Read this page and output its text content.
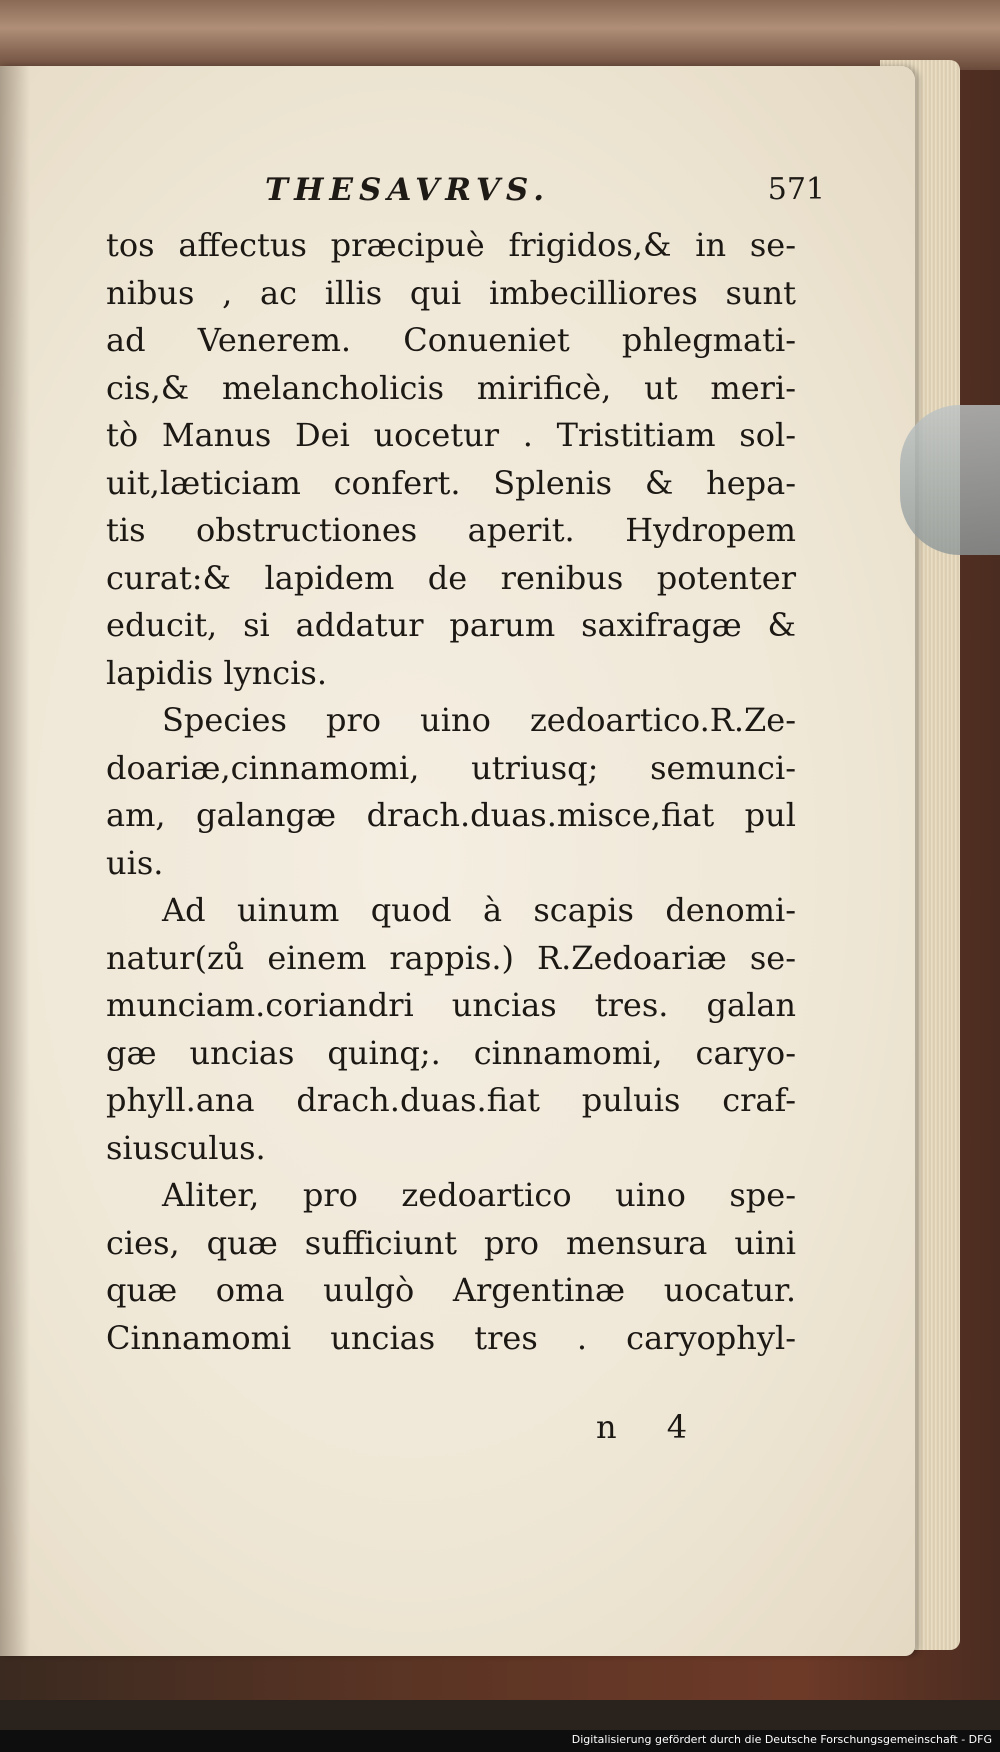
THESAVRVS.	571
tos affectus præcipuè frigidos,& in se-
nibus , ac illis qui imbecilliores sunt
ad Venerem. Conueniet phlegmati-
cis,& melancholicis mirificè, ut meri-
tò Manus Dei uocetur . Tristitiam sol-
uit,læticiam confert. Splenis & hepa-
tis obstructiones aperit. Hydropem
curat:& lapidem de renibus potenter
educit, si addatur parum saxifragæ &
lapidis lyncis.
Species pro uino zedoartico.R.Ze-
doariæ,cinnamomi, utriusq; semunci-
am, galangæ drach.duas.misce,fiat pul
uis.
Ad uinum quod à scapis denomi-
natur(zů einem rappis.) R.Zedoariæ se-
munciam.coriandri uncias tres. galan
gæ uncias quinq;. cinnamomi, caryo-
phyll.ana drach.duas.fiat puluis craf-
siusculus.
Aliter, pro zedoartico uino spe-
cies, quæ sufficiunt pro mensura uini
quæ oma uulgò Argentinæ uocatur.
Cinnamomi uncias tres . caryophyl-
n 4
Digitalisierung gefördert durch die Deutsche Forschungsgemeinschaft - DFG
